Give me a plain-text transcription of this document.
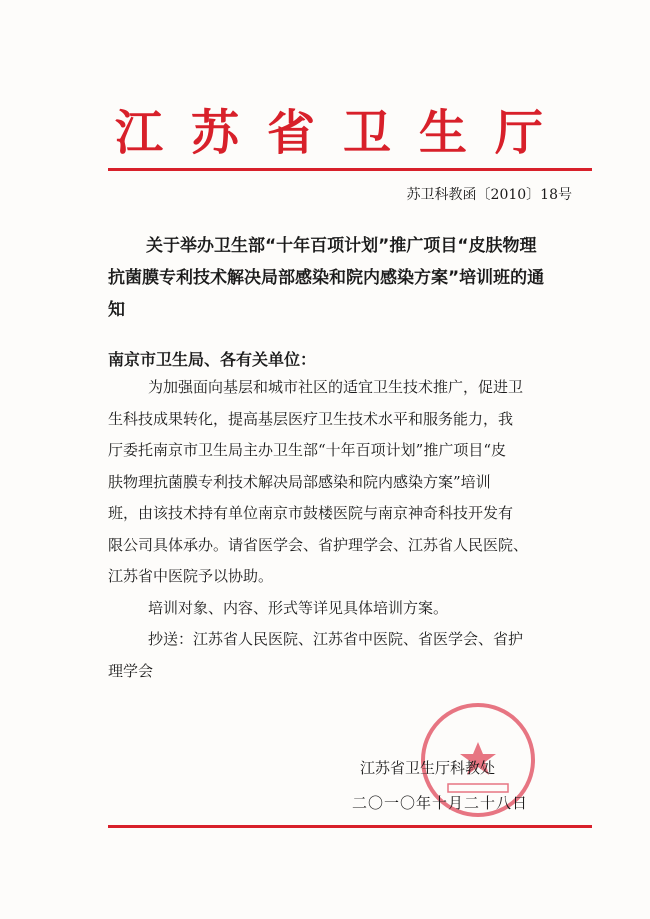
江苏省卫生厅
苏卫科教函〔2010〕18号
关于举办卫生部“十年百项计划”推广项目“皮肤物理
抗菌膜专利技术解决局部感染和院内感染方案”培训班的通
知
南京市卫生局、各有关单位：
为加强面向基层和城市社区的适宜卫生技术推广，促进卫
生科技成果转化，提高基层医疗卫生技术水平和服务能力，我
厅委托南京市卫生局主办卫生部“十年百项计划”推广项目“皮
肤物理抗菌膜专利技术解决局部感染和院内感染方案”培训
班，由该技术持有单位南京市鼓楼医院与南京神奇科技开发有
限公司具体承办。请省医学会、省护理学会、江苏省人民医院、
江苏省中医院予以协助。
培训对象、内容、形式等详见具体培训方案。
抄送：江苏省人民医院、江苏省中医院、省医学会、省护
理学会
江苏省卫生厅科教处
二〇一〇年十月二十八日
